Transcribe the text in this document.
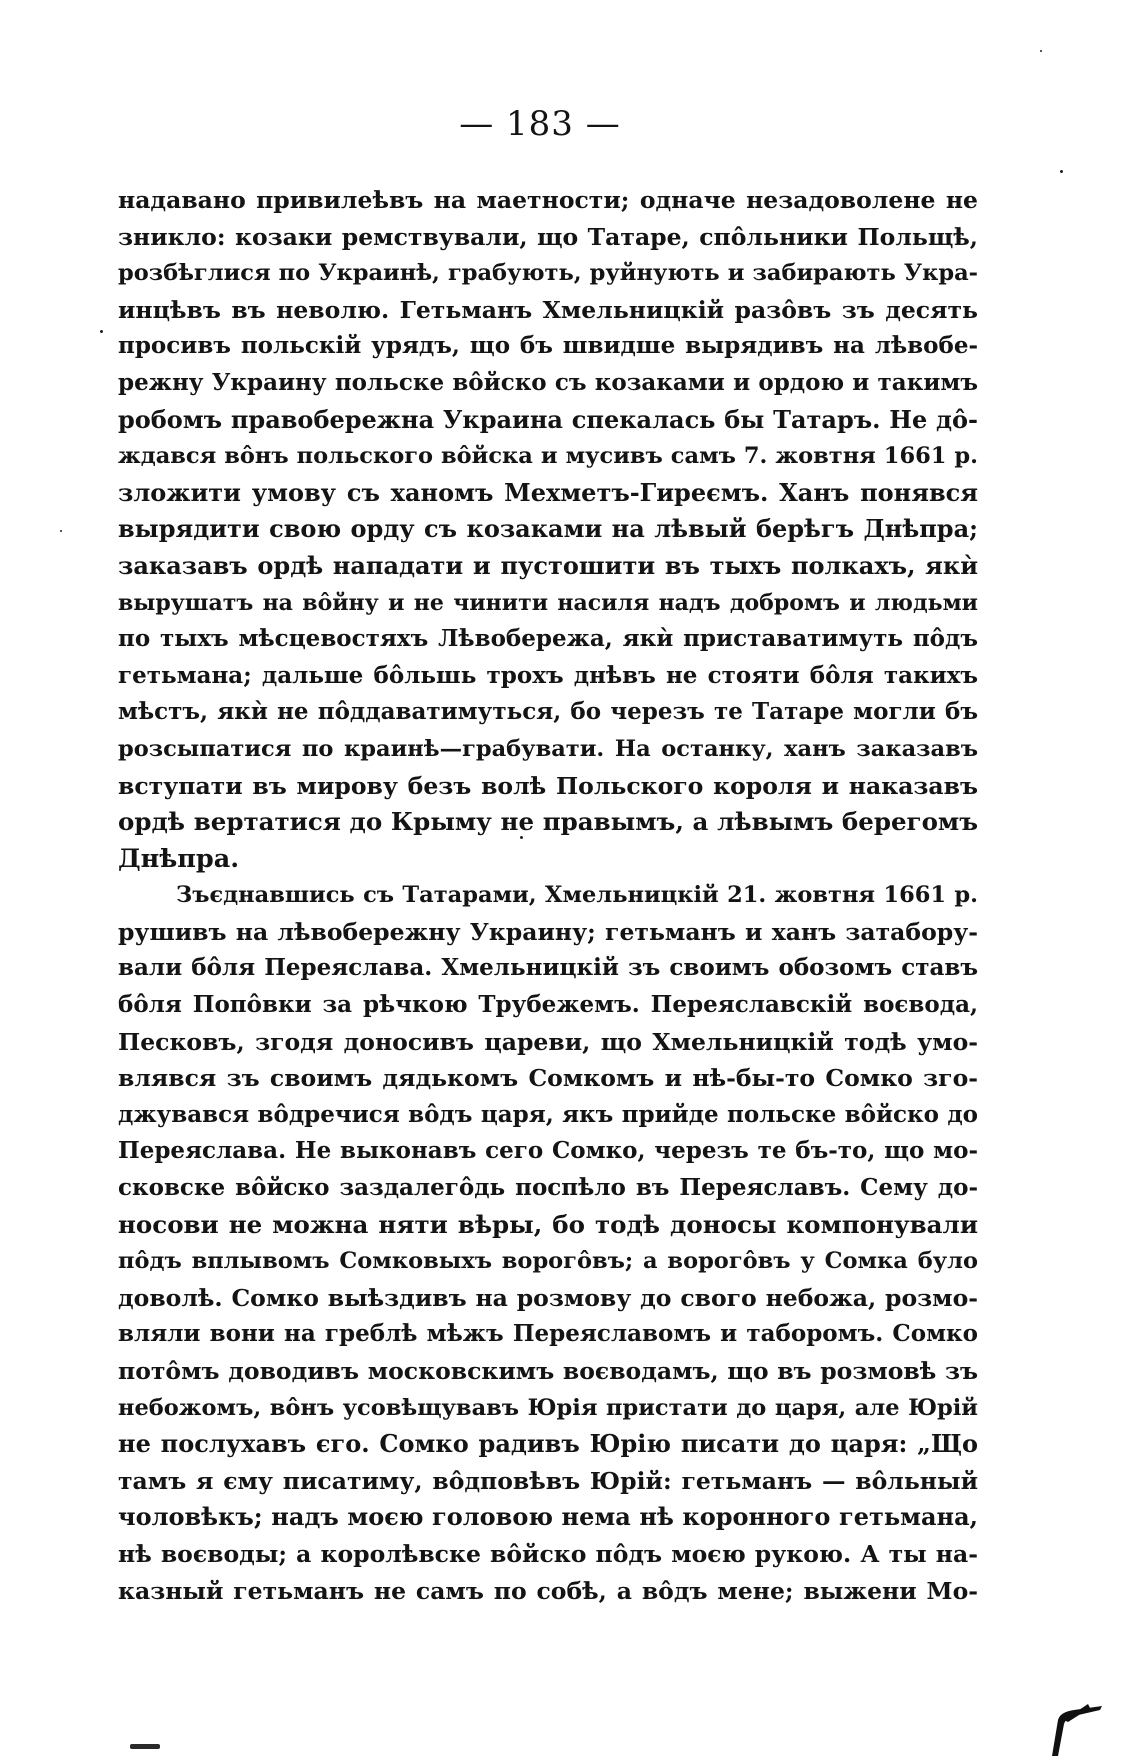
— 183 —
надавано привилеѣвъ на маетности; одначе незадоволене не
зникло: козаки ремствували, що Татаре, спôльники Польщѣ,
розбѣглися по Украинѣ, грабують, руйнують и забирають Укра-
инцѣвъ въ неволю. Гетьманъ Хмельницкій разôвъ зъ десять
просивъ польскій урядъ, що бъ швидше вырядивъ на лѣвобе-
режну Украину польске вôйско съ козаками и ордою и такимъ
робомъ правобережна Украина спекалась бы Татаръ. Не дô-
ждався вôнъ польского вôйска и мусивъ самъ 7. жовтня 1661 р.
зложити умову съ ханомъ Мехметъ-Гиреємъ. Ханъ понявся
вырядити свою орду съ козаками на лѣвый берѣгъ Днѣпра;
заказавъ ордѣ нападати и пустошити въ тыхъ полкахъ, якѝ
вырушатъ на вôйну и не чинити насиля надъ добромъ и людьми
по тыхъ мѣсцевостяхъ Лѣвобережа, якѝ приставатимуть пôдъ
гетьмана; дальше бôльшь трохъ днѣвъ не стояти бôля такихъ
мѣстъ, якѝ не пôддаватимуться, бо черезъ те Татаре могли бъ
розсыпатися по краинѣ—грабувати. На останку, ханъ заказавъ
вступати въ мирову безъ волѣ Польского короля и наказавъ
ордѣ вертатися до Крыму не правымъ, а лѣвымъ берегомъ
Днѣпра.
Зъєднавшись съ Татарами, Хмельницкій 21. жовтня 1661 р.
рушивъ на лѣвобережну Украину; гетьманъ и ханъ затабору-
вали бôля Переяслава. Хмельницкій зъ своимъ обозомъ ставъ
бôля Попôвки за рѣчкою Трубежемъ. Переяславскій воєвода,
Песковъ, згодя доносивъ цареви, що Хмельницкій тодѣ умо-
влявся зъ своимъ дядькомъ Сомкомъ и нѣ-бы-то Сомко зго-
джувався вôдречися вôдъ царя, якъ прийде польске вôйско до
Переяслава. Не выконавъ сего Сомко, черезъ те бъ-то, що мо-
сковске вôйско заздалегôдь поспѣло въ Переяславъ. Сему до-
носови не можна няти вѣры, бо тодѣ доносы компонували
пôдъ вплывомъ Сомковыхъ ворогôвъ; а ворогôвъ у Сомка було
доволѣ. Сомко выѣздивъ на розмову до свого небожа, розмо-
вляли вони на греблѣ мѣжъ Переяславомъ и таборомъ. Сомко
потôмъ доводивъ московскимъ воєводамъ, що въ розмовѣ зъ
небожомъ, вôнъ усовѣщувавъ Юрія пристати до царя, але Юрій
не послухавъ єго. Сомко радивъ Юрію писати до царя: „Що
тамъ я єму писатиму, вôдповѣвъ Юрій: гетьманъ — вôльный
чоловѣкъ; надъ моєю головою нема нѣ коронного гетьмана,
нѣ воєводы; а королѣвске вôйско пôдъ моєю рукою. А ты на-
казный гетьманъ не самъ по собѣ, а вôдъ мене; выжени Мо-
